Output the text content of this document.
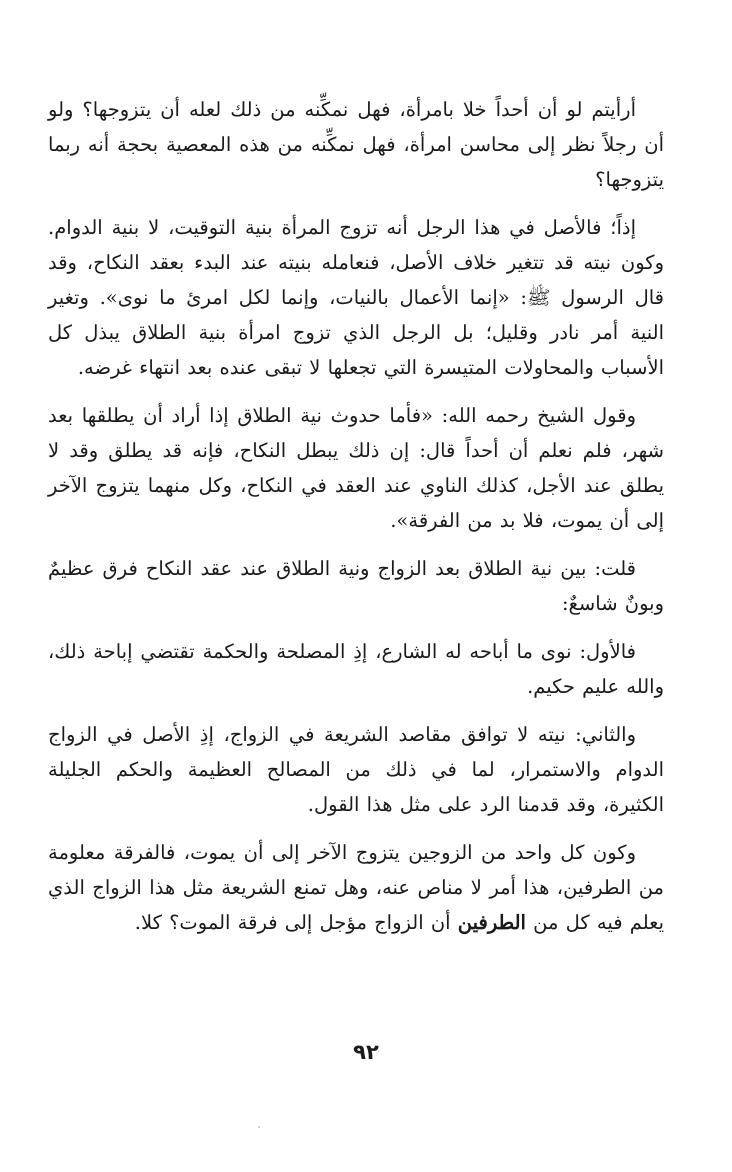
أرأيتم لو أن أحداً خلا بامرأة، فهل نمكِّنه من ذلك لعله أن يتزوجها؟ ولو أن رجلاً نظر إلى محاسن امرأة، فهل نمكِّنه من هذه المعصية بحجة أنه ربما يتزوجها؟

إذاً؛ فالأصل في هذا الرجل أنه تزوج المرأة بنية التوقيت، لا بنية الدوام. وكون نيته قد تتغير خلاف الأصل، فنعامله بنيته عند البدء بعقد النكاح، وقد قال الرسول ﷺ: «إنما الأعمال بالنيات، وإنما لكل امرئ ما نوى». وتغير النية أمر نادر وقليل؛ بل الرجل الذي تزوج امرأة بنية الطلاق يبذل كل الأسباب والمحاولات المتيسرة التي تجعلها لا تبقى عنده بعد انتهاء غرضه.

وقول الشيخ رحمه الله: «فأما حدوث نية الطلاق إذا أراد أن يطلقها بعد شهر، فلم نعلم أن أحداً قال: إن ذلك يبطل النكاح، فإنه قد يطلق وقد لا يطلق عند الأجل، كذلك الناوي عند العقد في النكاح، وكل منهما يتزوج الآخر إلى أن يموت، فلا بد من الفرقة».

قلت: بين نية الطلاق بعد الزواج ونية الطلاق عند عقد النكاح فرق عظيمٌ وبونٌ شاسعٌ:

فالأول: نوى ما أباحه له الشارع، إذِ المصلحة والحكمة تقتضي إباحة ذلك، والله عليم حكيم.

والثاني: نيته لا توافق مقاصد الشريعة في الزواج، إذِ الأصل في الزواج الدوام والاستمرار، لما في ذلك من المصالح العظيمة والحكم الجليلة الكثيرة، وقد قدمنا الرد على مثل هذا القول.

وكون كل واحد من الزوجين يتزوج الآخر إلى أن يموت، فالفرقة معلومة من الطرفين، هذا أمر لا مناص عنه، وهل تمنع الشريعة مثل هذا الزواج الذي يعلم فيه كل من الطرفين أن الزواج مؤجل إلى فرقة الموت؟ كلا.

٩٢
